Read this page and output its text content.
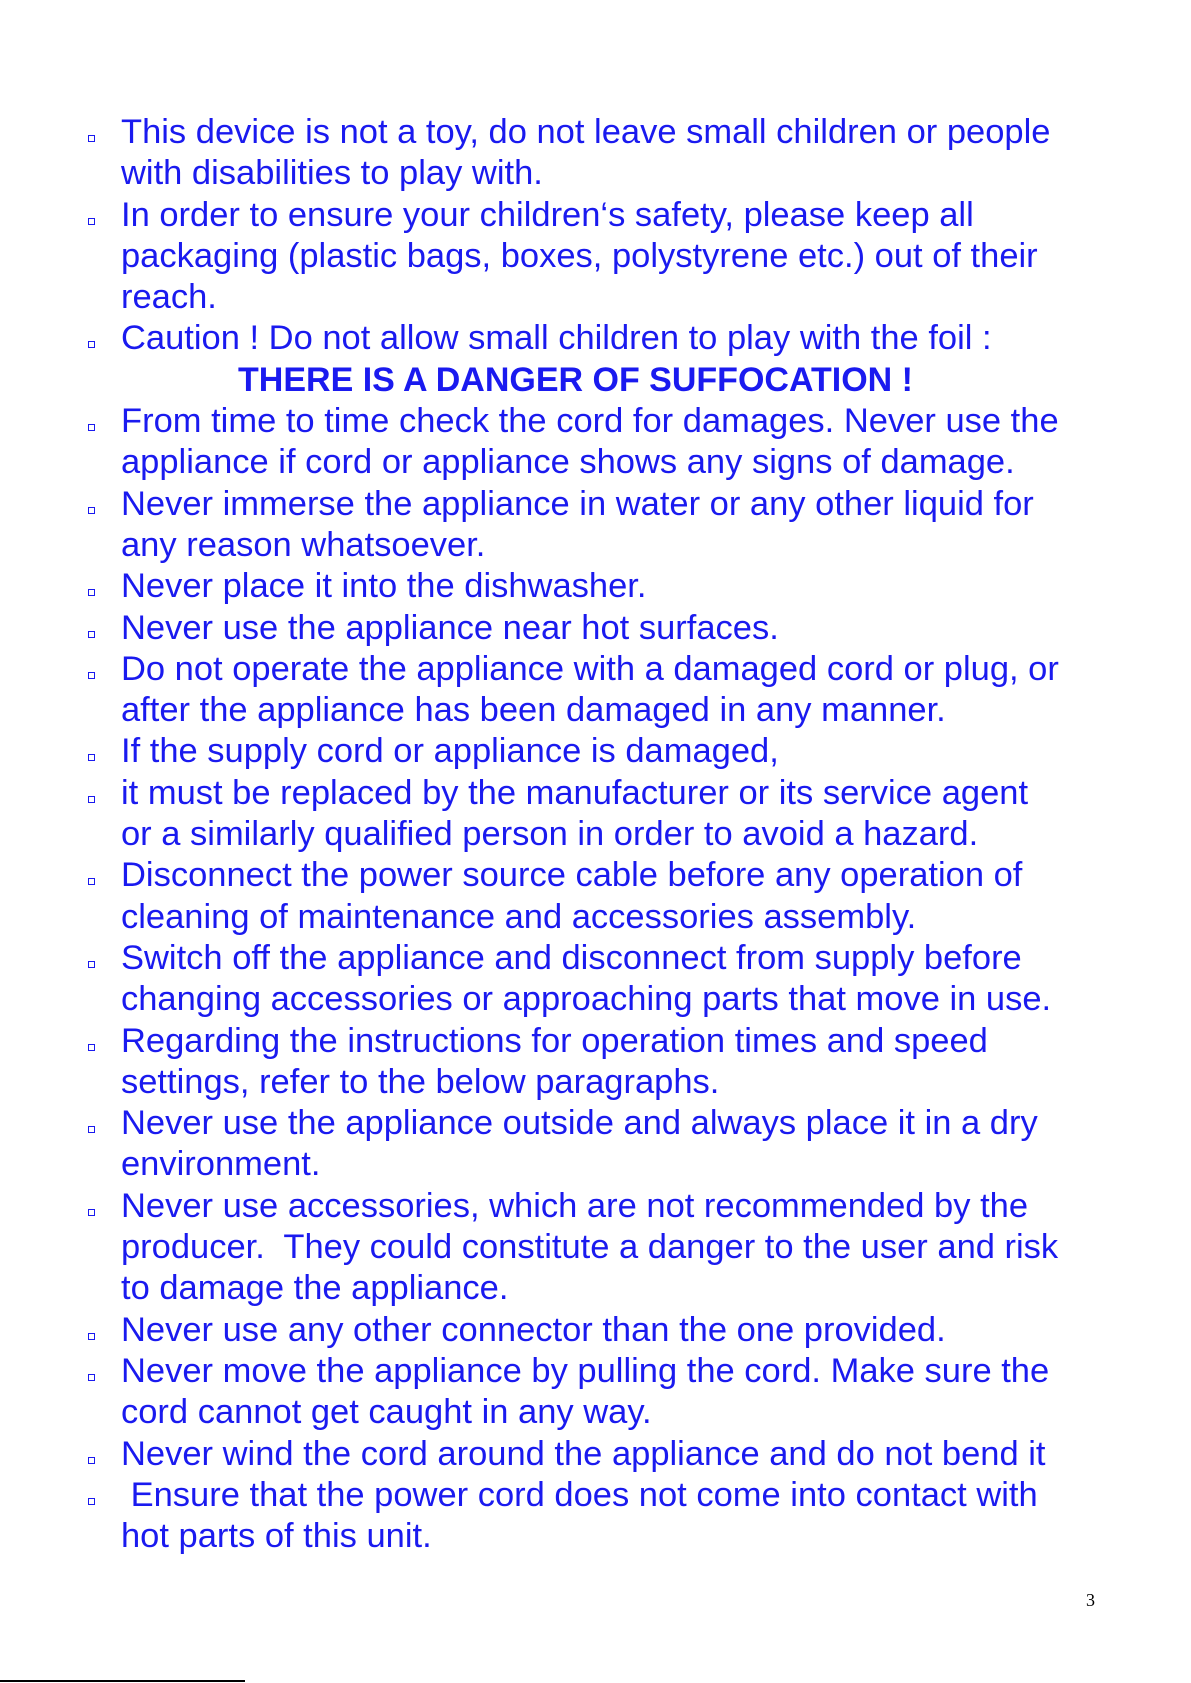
This device is not a toy, do not leave small children or people
with disabilities to play with.
In order to ensure your children‘s safety, please keep all
packaging (plastic bags, boxes, polystyrene etc.) out of their
reach.
Caution ! Do not allow small children to play with the foil :
THERE IS A DANGER OF SUFFOCATION !
From time to time check the cord for damages. Never use the
appliance if cord or appliance shows any signs of damage.
Never immerse the appliance in water or any other liquid for
any reason whatsoever.
Never place it into the dishwasher.
Never use the appliance near hot surfaces.
Do not operate the appliance with a damaged cord or plug, or
after the appliance has been damaged in any manner.
If the supply cord or appliance is damaged,
it must be replaced by the manufacturer or its service agent
or a similarly qualified person in order to avoid a hazard.
Disconnect the power source cable before any operation of
cleaning of maintenance and accessories assembly.
Switch off the appliance and disconnect from supply before
changing accessories or approaching parts that move in use.
Regarding the instructions for operation times and speed
settings, refer to the below paragraphs.
Never use the appliance outside and always place it in a dry
environment.
Never use accessories, which are not recommended by the
producer.  They could constitute a danger to the user and risk
to damage the appliance.
Never use any other connector than the one provided.
Never move the appliance by pulling the cord. Make sure the
cord cannot get caught in any way.
Never wind the cord around the appliance and do not bend it
Ensure that the power cord does not come into contact with
hot parts of this unit.
3
